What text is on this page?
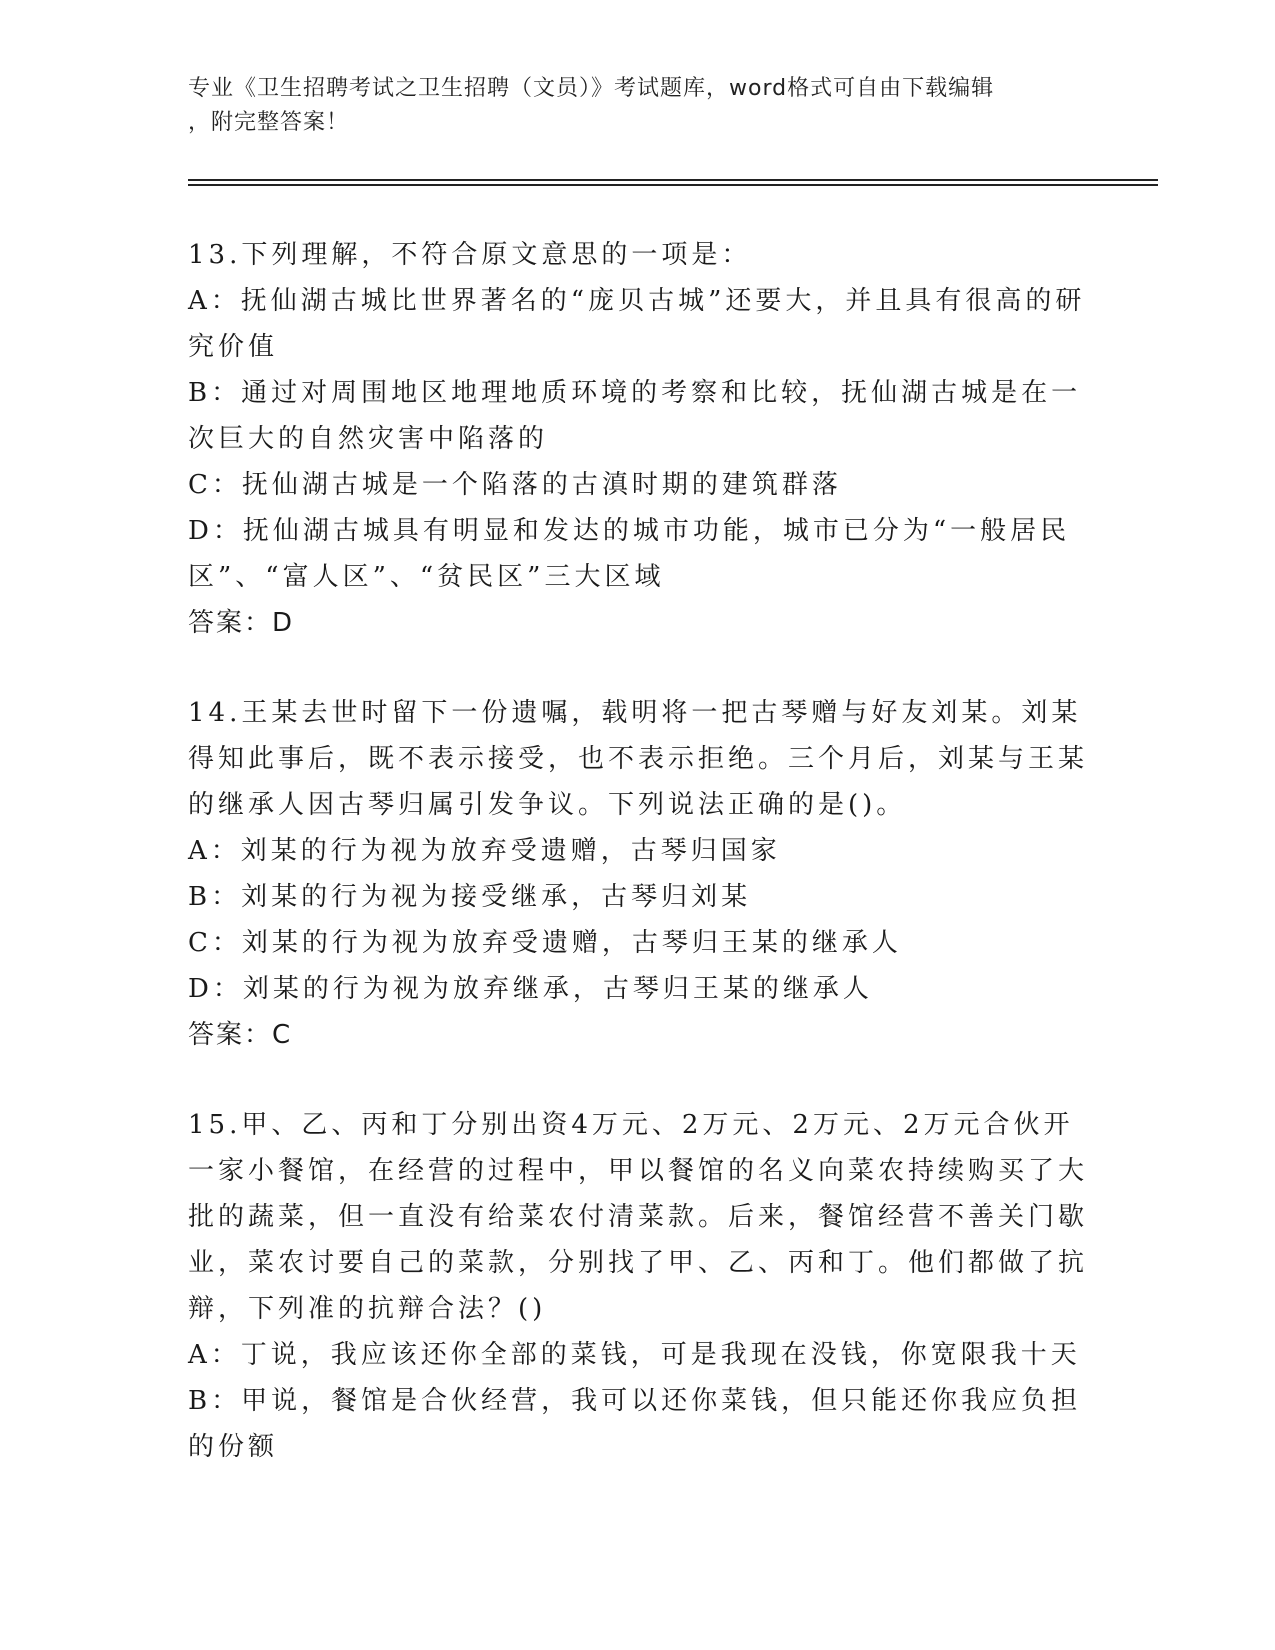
专业《卫生招聘考试之卫生招聘（文员）》考试题库，word格式可自由下载编辑
，附完整答案！

13.下列理解，不符合原文意思的一项是：

A：抚仙湖古城比世界著名的“庞贝古城”还要大，并且具有很高的研究价值

B：通过对周围地区地理地质环境的考察和比较，抚仙湖古城是在一次巨大的自然灾害中陷落的

C：抚仙湖古城是一个陷落的古滇时期的建筑群落

D：抚仙湖古城具有明显和发达的城市功能，城市已分为“一般居民区”、“富人区”、“贫民区”三大区域

答案：D

14.王某去世时留下一份遗嘱，载明将一把古琴赠与好友刘某。刘某得知此事后，既不表示接受，也不表示拒绝。三个月后，刘某与王某的继承人因古琴归属引发争议。下列说法正确的是()。

A：刘某的行为视为放弃受遗赠，古琴归国家

B：刘某的行为视为接受继承，古琴归刘某

C：刘某的行为视为放弃受遗赠，古琴归王某的继承人

D：刘某的行为视为放弃继承，古琴归王某的继承人

答案：C

15.甲、乙、丙和丁分别出资4万元、2万元、2万元、2万元合伙开一家小餐馆，在经营的过程中，甲以餐馆的名义向菜农持续购买了大批的蔬菜，但一直没有给菜农付清菜款。后来，餐馆经营不善关门歇业，菜农讨要自己的菜款，分别找了甲、乙、丙和丁。他们都做了抗辩，下列准的抗辩合法？()

A：丁说，我应该还你全部的菜钱，可是我现在没钱，你宽限我十天

B：甲说，餐馆是合伙经营，我可以还你菜钱，但只能还你我应负担的份额
